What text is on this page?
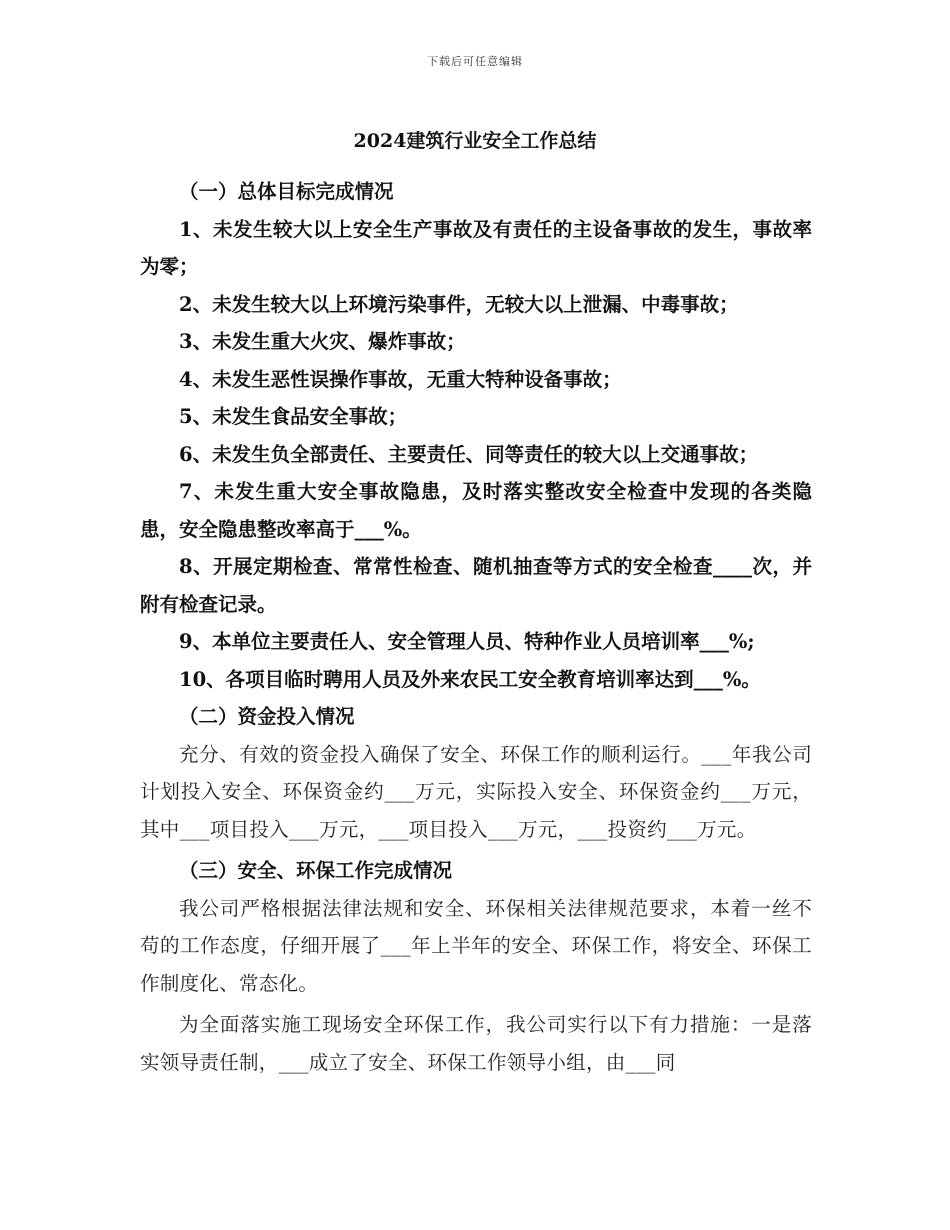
下载后可任意编辑
2024建筑行业安全工作总结

（一）总体目标完成情况

1、未发生较大以上安全生产事故及有责任的主设备事故的发生，事故率为零；

2、未发生较大以上环境污染事件，无较大以上泄漏、中毒事故；

3、未发生重大火灾、爆炸事故；

4、未发生恶性误操作事故，无重大特种设备事故；

5、未发生食品安全事故；

6、未发生负全部责任、主要责任、同等责任的较大以上交通事故；

7、未发生重大安全事故隐患，及时落实整改安全检查中发现的各类隐患，安全隐患整改率高于___%。

8、开展定期检查、常常性检查、随机抽查等方式的安全检查____次，并附有检查记录。

9、本单位主要责任人、安全管理人员、特种作业人员培训率___%;

10、各项目临时聘用人员及外来农民工安全教育培训率达到___%。

（二）资金投入情况

充分、有效的资金投入确保了安全、环保工作的顺利运行。___年我公司计划投入安全、环保资金约___万元，实际投入安全、环保资金约___万元，其中___项目投入___万元，___项目投入___万元，___投资约___万元。

（三）安全、环保工作完成情况

我公司严格根据法律法规和安全、环保相关法律规范要求，本着一丝不苟的工作态度，仔细开展了___年上半年的安全、环保工作，将安全、环保工作制度化、常态化。

为全面落实施工现场安全环保工作，我公司实行以下有力措施：一是落实领导责任制，___成立了安全、环保工作领导小组，由___同
